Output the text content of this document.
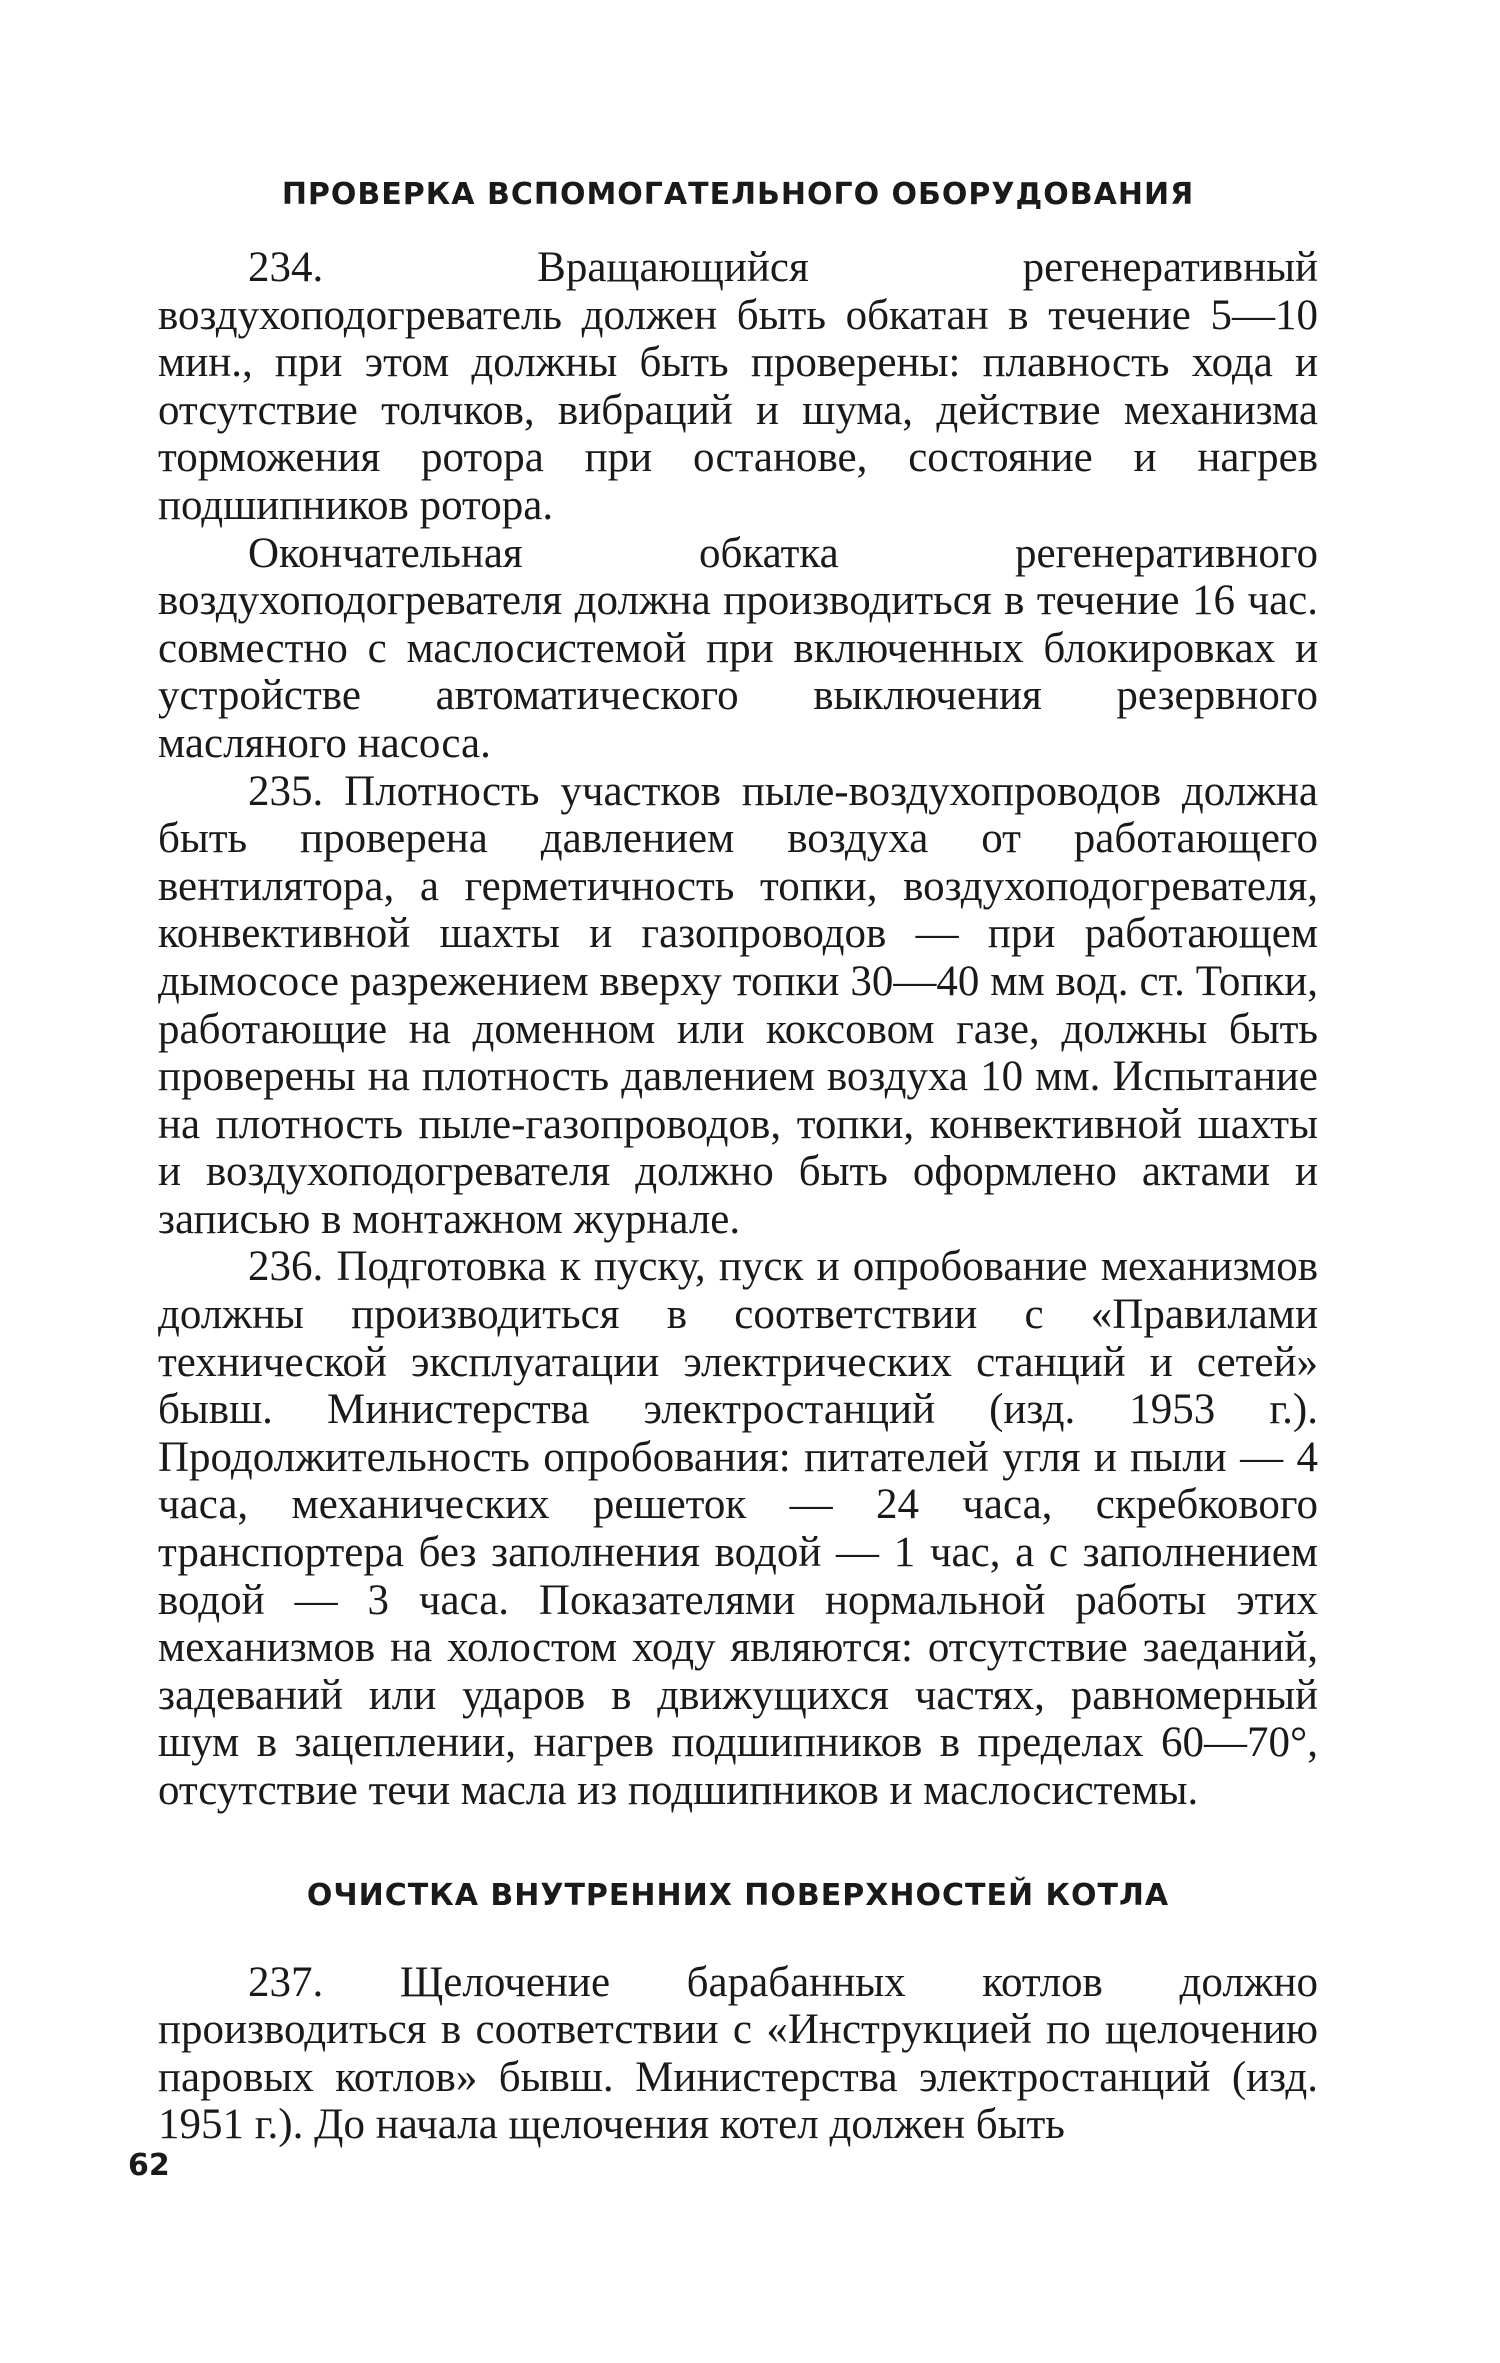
ПРОВЕРКА ВСПОМОГАТЕЛЬНОГО ОБОРУДОВАНИЯ

234. Вращающийся регенеративный воздухоподогреватель должен быть обкатан в течение 5—10 мин., при этом должны быть проверены: плавность хода и отсутствие толчков, вибраций и шума, действие механизма торможения ротора при останове, состояние и нагрев подшипников ротора.

Окончательная обкатка регенеративного воздухоподогревателя должна производиться в течение 16 час. совместно с маслосистемой при включенных блокировках и устройстве автоматического выключения резервного масляного насоса.

235. Плотность участков пыле-воздухопроводов должна быть проверена давлением воздуха от работающего вентилятора, а герметичность топки, воздухоподогревателя, конвективной шахты и газопроводов — при работающем дымососе разрежением вверху топки 30—40 мм вод. ст. Топки, работающие на доменном или коксовом газе, должны быть проверены на плотность давлением воздуха 10 мм. Испытание на плотность пыле-газопроводов, топки, конвективной шахты и воздухоподогревателя должно быть оформлено актами и записью в монтажном журнале.

236. Подготовка к пуску, пуск и опробование механизмов должны производиться в соответствии с «Правилами технической эксплуатации электрических станций и сетей» бывш. Министерства электростанций (изд. 1953 г.). Продолжительность опробования: питателей угля и пыли — 4 часа, механических решеток — 24 часа, скребкового транспортера без заполнения водой — 1 час, а с заполнением водой — 3 часа. Показателями нормальной работы этих механизмов на холостом ходу являются: отсутствие заеданий, задеваний или ударов в движущихся частях, равномерный шум в зацеплении, нагрев подшипников в пределах 60—70°, отсутствие течи масла из подшипников и маслосистемы.

ОЧИСТКА ВНУТРЕННИХ ПОВЕРХНОСТЕЙ КОТЛА

237. Щелочение барабанных котлов должно производиться в соответствии с «Инструкцией по щелочению паровых котлов» бывш. Министерства электростанций (изд. 1951 г.). До начала щелочения котел должен быть

62
